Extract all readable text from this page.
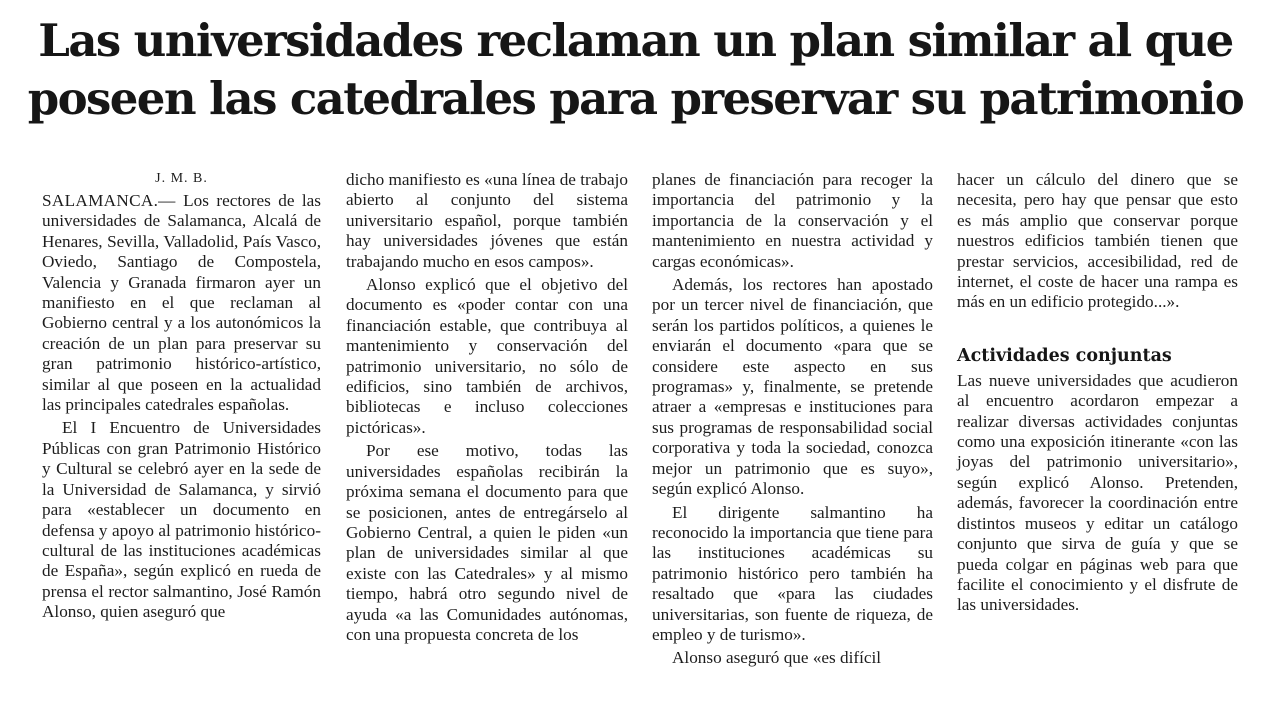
Las universidades reclaman un plan similar al que
poseen las catedrales para preservar su patrimonio

J. M. B.

SALAMANCA.— Los rectores de las universidades de Salamanca, Alcalá de Henares, Sevilla, Valladolid, País Vasco, Oviedo, Santiago de Compostela, Valencia y Granada firmaron ayer un manifiesto en el que reclaman al Gobierno central y a los autonómicos la creación de un plan para preservar su gran patrimonio histórico-artístico, similar al que poseen en la actualidad las principales catedrales españolas.

El I Encuentro de Universidades Públicas con gran Patrimonio Histórico y Cultural se celebró ayer en la sede de la Universidad de Salamanca, y sirvió para «establecer un documento en defensa y apoyo al patrimonio histórico-cultural de las instituciones académicas de España», según explicó en rueda de prensa el rector salmantino, José Ramón Alonso, quien aseguró que

dicho manifiesto es «una línea de trabajo abierto al conjunto del sistema universitario español, porque también hay universidades jóvenes que están trabajando mucho en esos campos».

Alonso explicó que el objetivo del documento es «poder contar con una financiación estable, que contribuya al mantenimiento y conservación del patrimonio universitario, no sólo de edificios, sino también de archivos, bibliotecas e incluso colecciones pictóricas».

Por ese motivo, todas las universidades españolas recibirán la próxima semana el documento para que se posicionen, antes de entregárselo al Gobierno Central, a quien le piden «un plan de universidades similar al que existe con las Catedrales» y al mismo tiempo, habrá otro segundo nivel de ayuda «a las Comunidades autónomas, con una propuesta concreta de los

planes de financiación para recoger la importancia del patrimonio y la importancia de la conservación y el mantenimiento en nuestra actividad y cargas económicas».

Además, los rectores han apostado por un tercer nivel de financiación, que serán los partidos políticos, a quienes le enviarán el documento «para que se considere este aspecto en sus programas» y, finalmente, se pretende atraer a «empresas e instituciones para sus programas de responsabilidad social corporativa y toda la sociedad, conozca mejor un patrimonio que es suyo», según explicó Alonso.

El dirigente salmantino ha reconocido la importancia que tiene para las instituciones académicas su patrimonio histórico pero también ha resaltado que «para las ciudades universitarias, son fuente de riqueza, de empleo y de turismo».

Alonso aseguró que «es difícil

hacer un cálculo del dinero que se necesita, pero hay que pensar que esto es más amplio que conservar porque nuestros edificios también tienen que prestar servicios, accesibilidad, red de internet, el coste de hacer una rampa es más en un edificio protegido...».

Actividades conjuntas

Las nueve universidades que acudieron al encuentro acordaron empezar a realizar diversas actividades conjuntas como una exposición itinerante «con las joyas del patrimonio universitario», según explicó Alonso. Pretenden, además, favorecer la coordinación entre distintos museos y editar un catálogo conjunto que sirva de guía y que se pueda colgar en páginas web para que facilite el conocimiento y el disfrute de las universidades.
